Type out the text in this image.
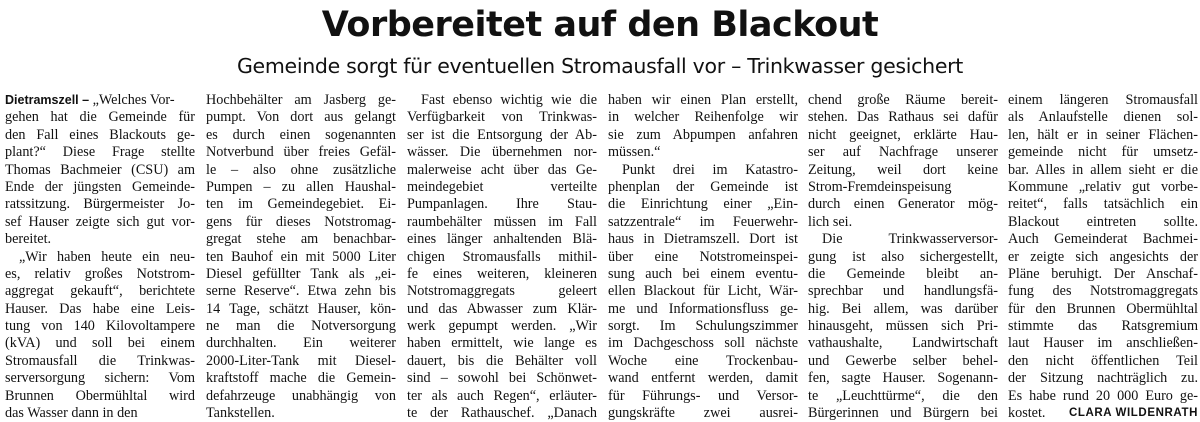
Vorbereitet auf den Blackout
Gemeinde sorgt für eventuellen Stromausfall vor – Trinkwasser gesichert
Dietramszell – „Welches Vor-
gehen hat die Gemeinde für
den Fall eines Blackouts ge-
plant?“ Diese Frage stellte
Thomas Bachmeier (CSU) am
Ende der jüngsten Gemeinde-
ratssitzung. Bürgermeister Jo-
sef Hauser zeigte sich gut vor-
bereitet.
„Wir haben heute ein neu-
es, relativ großes Notstrom-
aggregat gekauft“, berichtete
Hauser. Das habe eine Leis-
tung von 140 Kilovoltampere
(kVA) und soll bei einem
Stromausfall die Trinkwas-
serversorgung sichern: Vom
Brunnen Obermühltal wird
das Wasser dann in den
Hochbehälter am Jasberg ge-
pumpt. Von dort aus gelangt
es durch einen sogenannten
Notverbund über freies Gefäl-
le – also ohne zusätzliche
Pumpen – zu allen Haushal-
ten im Gemeindegebiet. Ei-
gens für dieses Notstromag-
gregat stehe am benachbar-
ten Bauhof ein mit 5000 Liter
Diesel gefüllter Tank als „ei-
serne Reserve“. Etwa zehn bis
14 Tage, schätzt Hauser, kön-
ne man die Notversorgung
durchhalten. Ein weiterer
2000-Liter-Tank mit Diesel-
kraftstoff mache die Gemein-
defahrzeuge unabhängig von
Tankstellen.
Fast ebenso wichtig wie die
Verfügbarkeit von Trinkwas-
ser ist die Entsorgung der Ab-
wässer. Die übernehmen nor-
malerweise acht über das Ge-
meindegebiet verteilte
Pumpanlagen. Ihre Stau-
raumbehälter müssen im Fall
eines länger anhaltenden Blä-
chigen Stromausfalls mithil-
fe eines weiteren, kleineren
Notstromaggregats geleert
und das Abwasser zum Klär-
werk gepumpt werden. „Wir
haben ermittelt, wie lange es
dauert, bis die Behälter voll
sind – sowohl bei Schönwet-
ter als auch Regen“, erläuter-
te der Rathauschef. „Danach
haben wir einen Plan erstellt,
in welcher Reihenfolge wir
sie zum Abpumpen anfahren
müssen.“
Punkt drei im Katastro-
phenplan der Gemeinde ist
die Einrichtung einer „Ein-
satzzentrale“ im Feuerwehr-
haus in Dietramszell. Dort ist
über eine Notstromeinspei-
sung auch bei einem eventu-
ellen Blackout für Licht, Wär-
me und Informationsfluss ge-
sorgt. Im Schulungszimmer
im Dachgeschoss soll nächste
Woche eine Trockenbau-
wand entfernt werden, damit
für Führungs- und Versor-
gungskräfte zwei ausrei-
chend große Räume bereit-
stehen. Das Rathaus sei dafür
nicht geeignet, erklärte Hau-
ser auf Nachfrage unserer
Zeitung, weil dort keine
Strom-Fremdeinspeisung
durch einen Generator mög-
lich sei.
Die Trinkwasserversor-
gung ist also sichergestellt,
die Gemeinde bleibt an-
sprechbar und handlungsfä-
hig. Bei allem, was darüber
hinausgeht, müssen sich Pri-
vathaushalte, Landwirtschaft
und Gewerbe selber behel-
fen, sagte Hauser. Sogenann-
te „Leuchttürme“, die den
Bürgerinnen und Bürgern bei
einem längeren Stromausfall
als Anlaufstelle dienen sol-
len, hält er in seiner Flächen-
gemeinde nicht für umsetz-
bar. Alles in allem sieht er die
Kommune „relativ gut vorbe-
reitet“, falls tatsächlich ein
Blackout eintreten sollte.
Auch Gemeinderat Bachmei-
er zeigte sich angesichts der
Pläne beruhigt. Der Anschaf-
fung des Notstromaggregats
für den Brunnen Obermühltal
stimmte das Ratsgremium
laut Hauser im anschließen-
den nicht öffentlichen Teil
der Sitzung nachträglich zu.
Es habe rund 20 000 Euro ge-
kostet. CLARA WILDENRATH
